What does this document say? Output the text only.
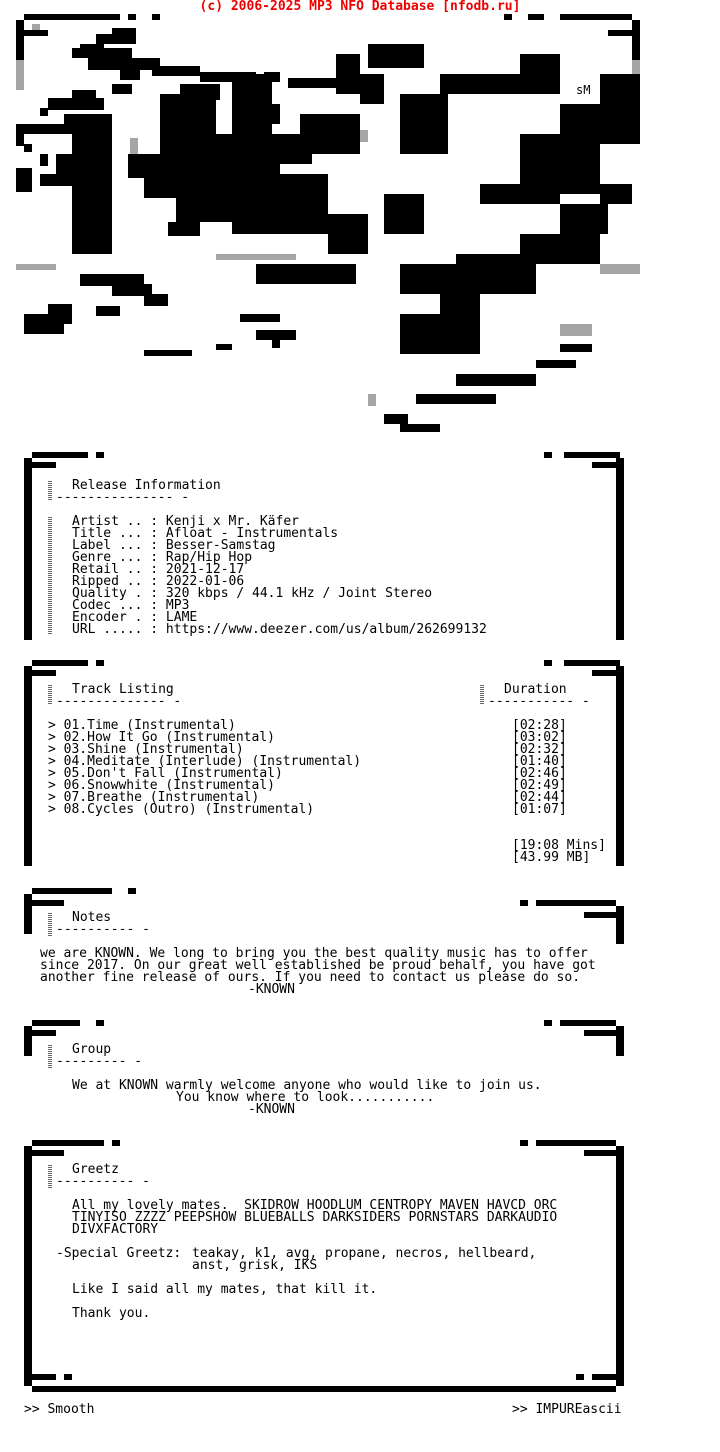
(c) 2006-2025 MP3 NFO Database [nfodb.ru]
sM
Release Information
--------------- -
Artist .. : Kenji x Mr. Käfer
Title ... : Afloat - Instrumentals
Label ... : Besser-Samstag
Genre ... : Rap/Hip Hop
Retail .. : 2021-12-17
Ripped .. : 2022-01-06
Quality . : 320 kbps / 44.1 kHz / Joint Stereo
Codec ... : MP3
Encoder . : LAME
URL ..... : https://www.deezer.com/us/album/262699132
Track Listing
-------------- -
Duration
----------- -
> 01.Time (Instrumental)	[02:28]
> 02.How It Go (Instrumental)	[03:02]
> 03.Shine (Instrumental)	[02:32]
> 04.Meditate (Interlude) (Instrumental)	[01:40]
> 05.Don't Fall (Instrumental)	[02:46]
> 06.Snowwhite (Instrumental)	[02:49]
> 07.Breathe (Instrumental)	[02:44]
> 08.Cycles (Outro) (Instrumental)	[01:07]
[19:08 Mins]
[43.99 MB]
Notes
---------- -
we are KNOWN. We long to bring you the best quality music has to offer
since 2017. On our great well established be proud behalf, you have got
another fine release of ours. If you need to contact us please do so.
-KNOWN
Group
--------- -
We at KNOWN warmly welcome anyone who would like to join us.
You know where to look...........
-KNOWN
Greetz
---------- -
All my lovely mates.  SKIDROW HOODLUM CENTROPY MAVEN HAVCD ORC
TINYISO ZZZZ PEEPSHOW BLUEBALLS DARKSIDERS PORNSTARS DARKAUDIO
DIVXFACTORY
-Special Greetz: teakay, k1, avg, propane, necros, hellbeard,
anst, grisk, IKS
Like I said all my mates, that kill it.
Thank you.
>> Smooth	>> IMPUREascii
